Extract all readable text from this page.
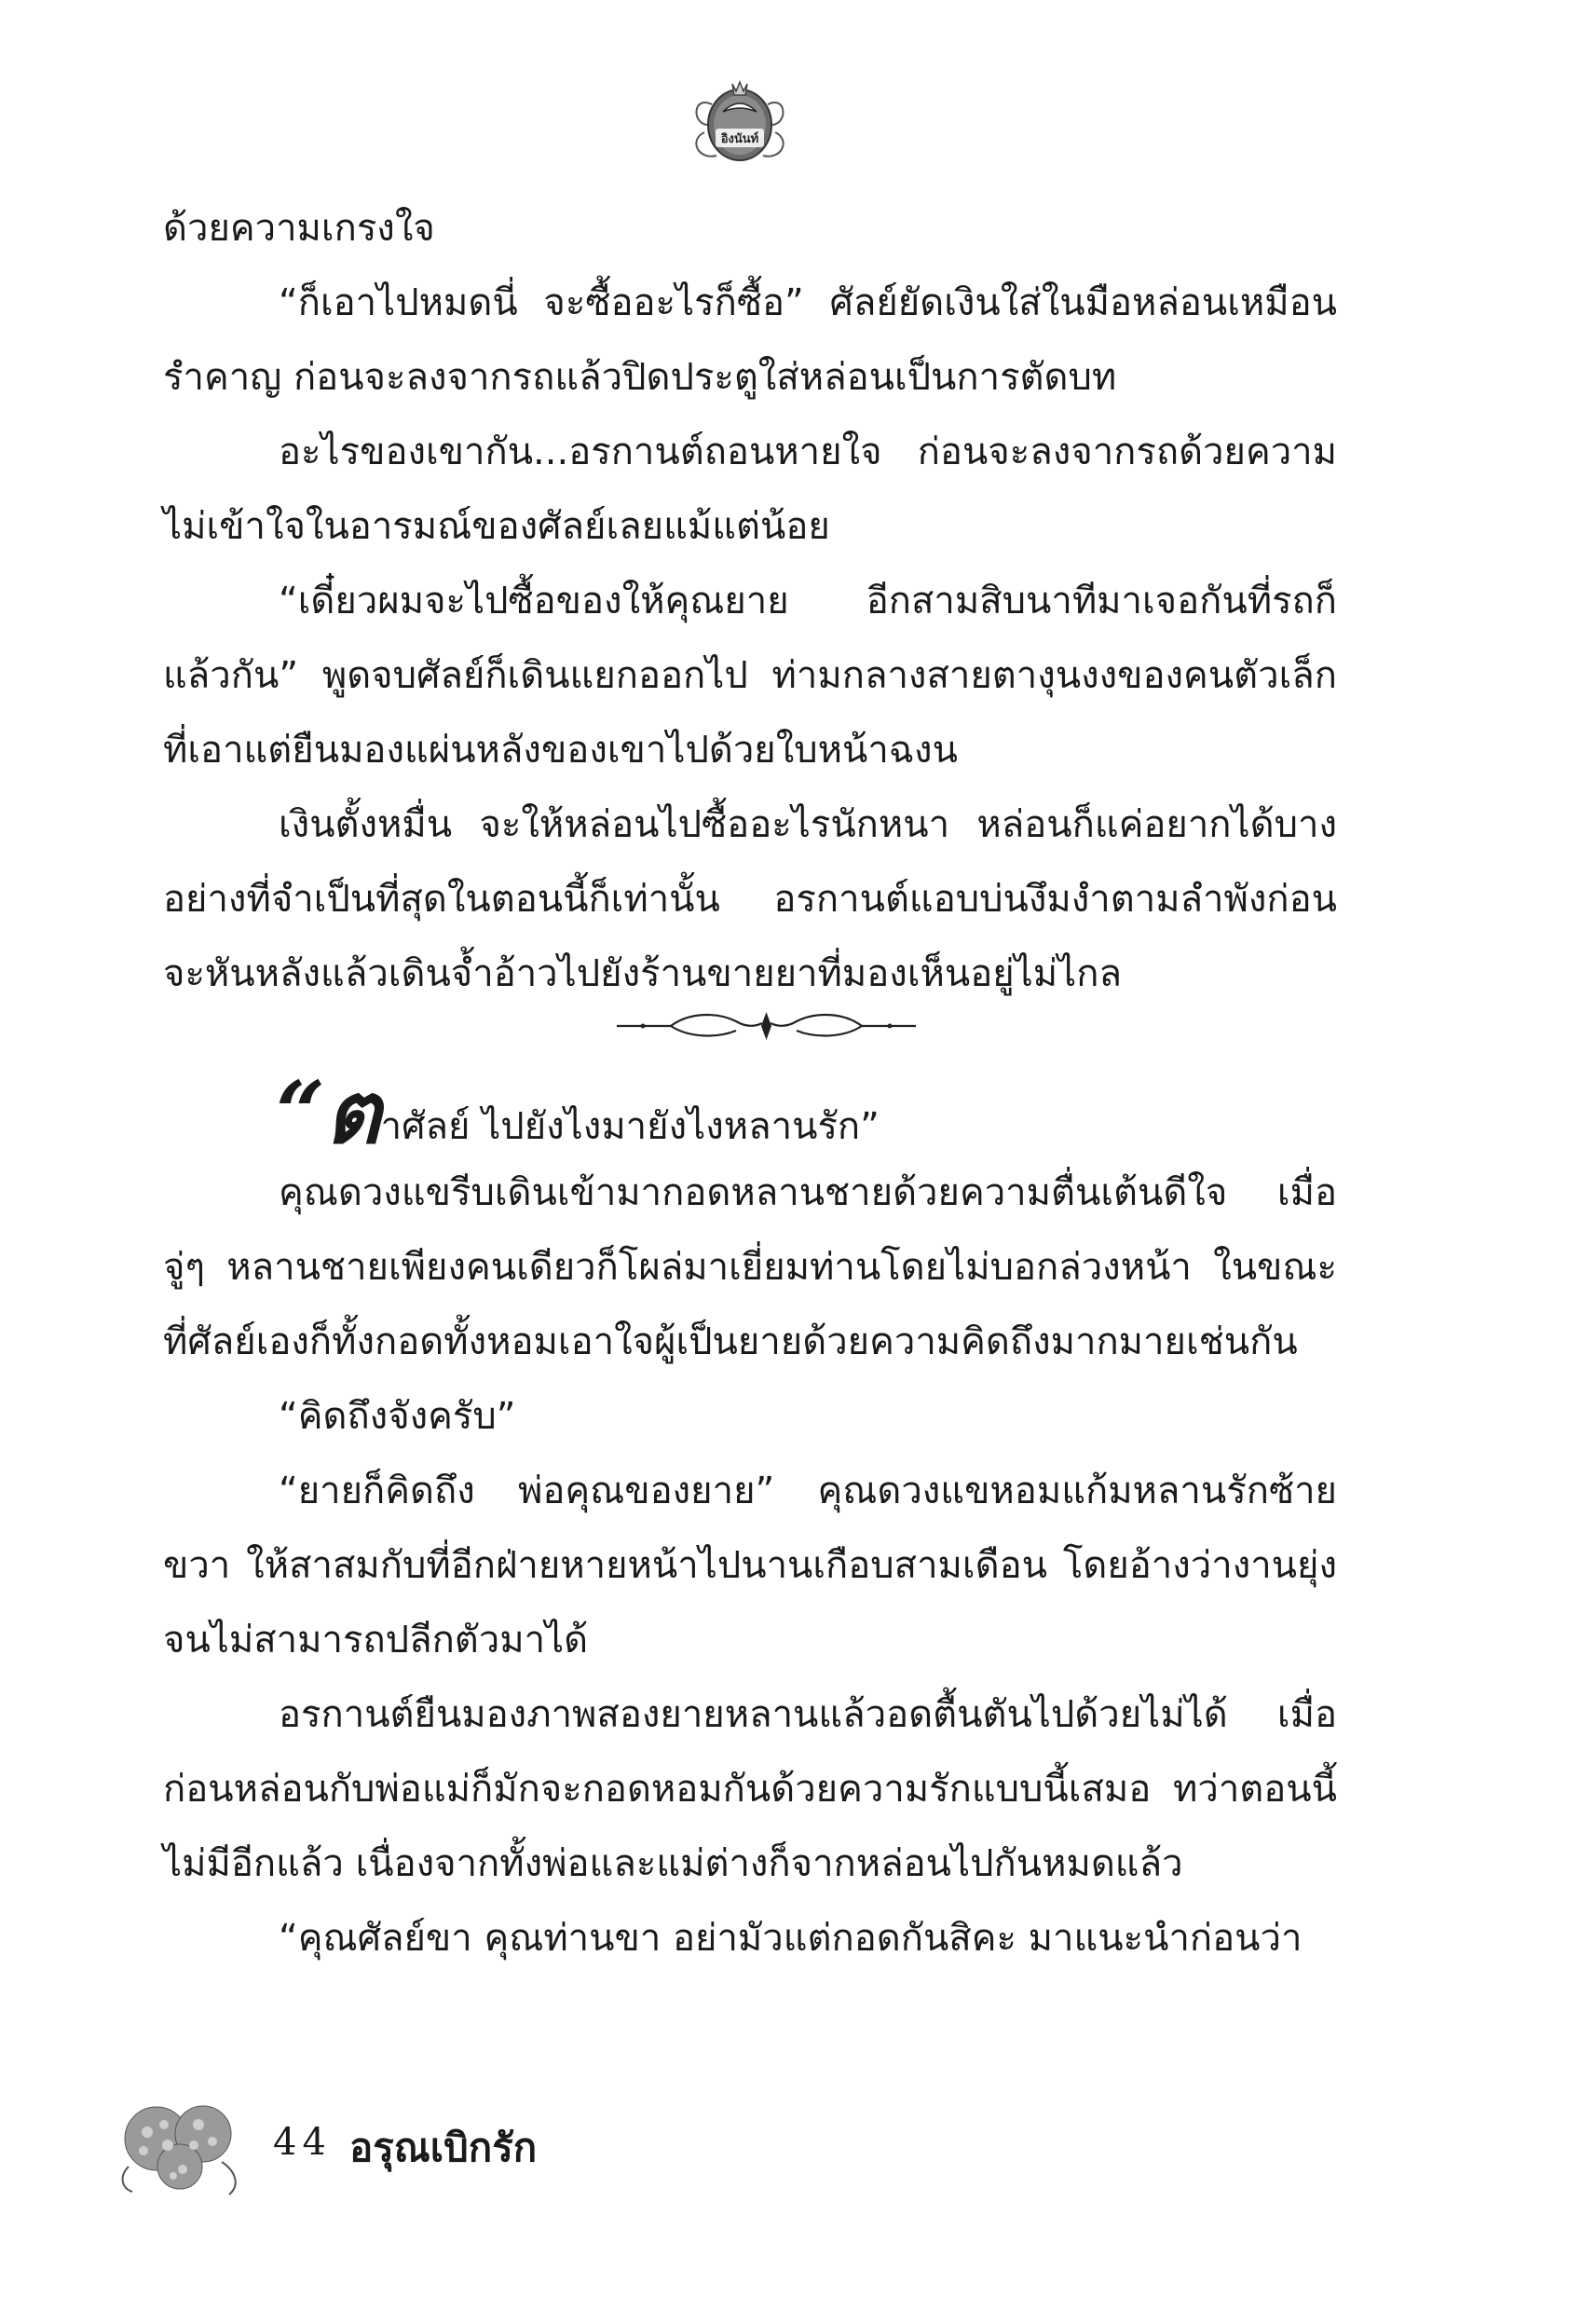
อิงนันท์

ด้วยความเกรงใจ

“ก็เอาไปหมดนี่ จะซื้ออะไรก็ซื้อ” ศัลย์ยัดเงินใส่ในมือหล่อนเหมือนรำคาญ ก่อนจะลงจากรถแล้วปิดประตูใส่หล่อนเป็นการตัดบท

อะไรของเขากัน...อรกานต์ถอนหายใจ ก่อนจะลงจากรถด้วยความไม่เข้าใจในอารมณ์ของศัลย์เลยแม้แต่น้อย

“เดี๋ยวผมจะไปซื้อของให้คุณยาย อีกสามสิบนาทีมาเจอกันที่รถก็แล้วกัน” พูดจบศัลย์ก็เดินแยกออกไป ท่ามกลางสายตางุนงงของคนตัวเล็กที่เอาแต่ยืนมองแผ่นหลังของเขาไปด้วยใบหน้าฉงน

เงินตั้งหมื่น จะให้หล่อนไปซื้ออะไรนักหนา หล่อนก็แค่อยากได้บางอย่างที่จำเป็นที่สุดในตอนนี้ก็เท่านั้น อรกานต์แอบบ่นงึมงำตามลำพังก่อนจะหันหลังแล้วเดินจ้ำอ้าวไปยังร้านขายยาที่มองเห็นอยู่ไม่ไกล

“ตาศัลย์ ไปยังไงมายังไงหลานรัก”

คุณดวงแขรีบเดินเข้ามากอดหลานชายด้วยความตื่นเต้นดีใจ เมื่อจู่ๆ หลานชายเพียงคนเดียวก็โผล่มาเยี่ยมท่านโดยไม่บอกล่วงหน้า ในขณะที่ศัลย์เองก็ทั้งกอดทั้งหอมเอาใจผู้เป็นยายด้วยความคิดถึงมากมายเช่นกัน

“คิดถึงจังครับ”

“ยายก็คิดถึง พ่อคุณของยาย” คุณดวงแขหอมแก้มหลานรักซ้ายขวา ให้สาสมกับที่อีกฝ่ายหายหน้าไปนานเกือบสามเดือน โดยอ้างว่างานยุ่งจนไม่สามารถปลีกตัวมาได้

อรกานต์ยืนมองภาพสองยายหลานแล้วอดตื้นตันไปด้วยไม่ได้ เมื่อก่อนหล่อนกับพ่อแม่ก็มักจะกอดหอมกันด้วยความรักแบบนี้เสมอ ทว่าตอนนี้ไม่มีอีกแล้ว เนื่องจากทั้งพ่อและแม่ต่างก็จากหล่อนไปกันหมดแล้ว

“คุณศัลย์ขา คุณท่านขา อย่ามัวแต่กอดกันสิคะ มาแนะนำก่อนว่า

44 อรุณเบิกรัก
